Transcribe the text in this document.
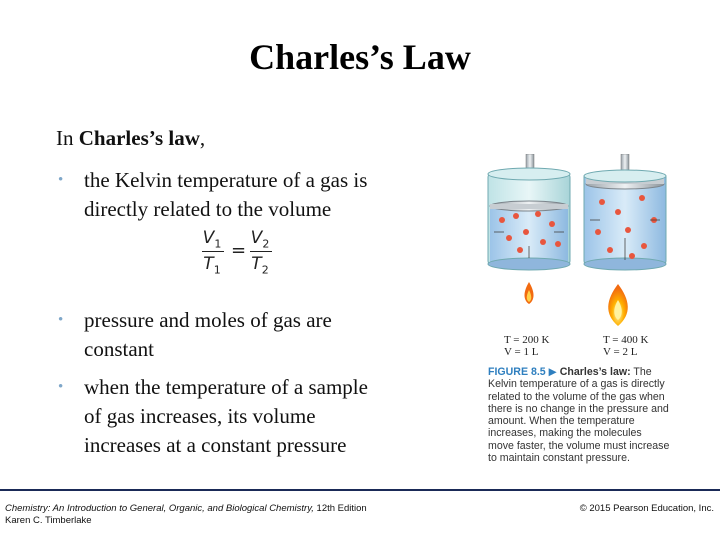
Charles’s Law
In Charles’s law,
• the Kelvin temperature of a gas is directly related to the volume
• pressure and moles of gas are constant
• when the temperature of a sample of gas increases, its volume increases at a constant pressure
$V_1$
$T_1$
=
$V_2$
$T_2$
T = 200 K
V = 1 L
T = 400 K
V = 2 L
FIGURE 8.5 ▶ Charles’s law: The Kelvin temperature of a gas is directly related to the volume of the gas when there is no change in the pressure and amount. When the temperature increases, making the molecules move faster, the volume must increase to maintain constant pressure.
Chemistry: An Introduction to General, Organic, and Biological Chemistry, 12th Edition
Karen C. Timberlake
© 2015 Pearson Education, Inc.
